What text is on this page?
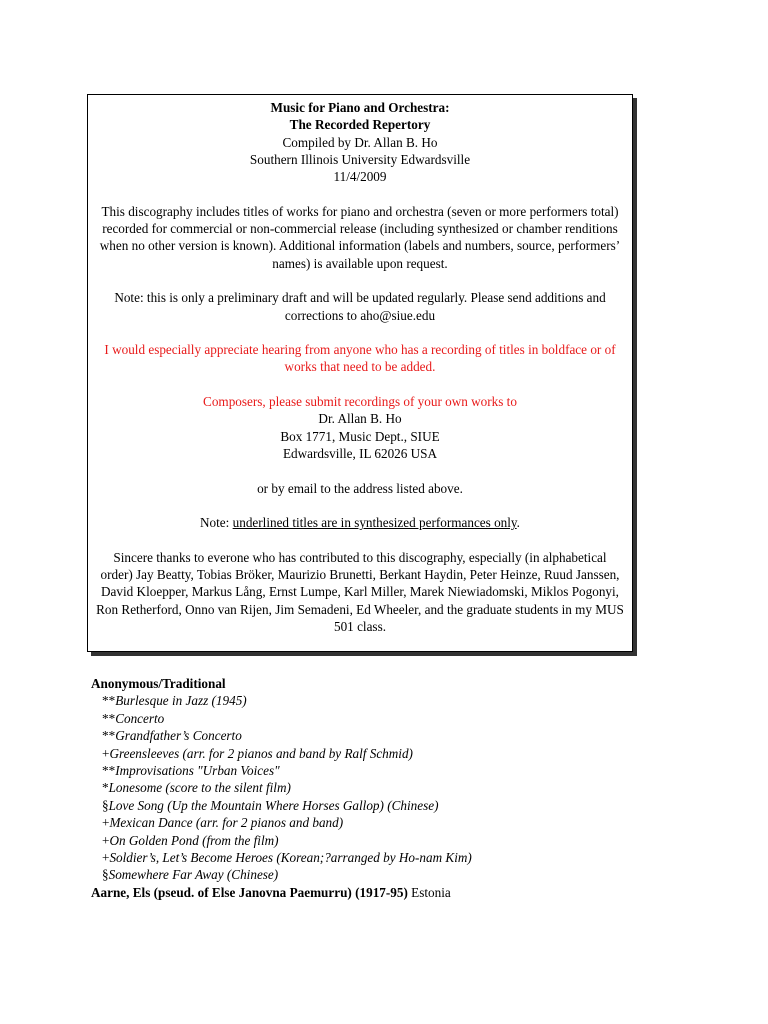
Music for Piano and Orchestra:

The Recorded Repertory

Compiled by Dr. Allan B. Ho

Southern Illinois University Edwardsville

11/4/2009

This discography includes titles of works for piano and orchestra (seven or more performers total) recorded for commercial or non-commercial release (including synthesized or chamber renditions when no other version is known). Additional information (labels and numbers, source, performers’ names) is available upon request.

Note: this is only a preliminary draft and will be updated regularly. Please send additions and corrections to aho@siue.edu

I would especially appreciate hearing from anyone who has a recording of titles in boldface or of works that need to be added.

Composers, please submit recordings of your own works to

Dr. Allan B. Ho

Box 1771, Music Dept., SIUE

Edwardsville, IL 62026 USA

or by email to the address listed above.

Note: underlined titles are in synthesized performances only.

Sincere thanks to everone who has contributed to this discography, especially (in alphabetical order) Jay Beatty, Tobias Bröker, Maurizio Brunetti, Berkant Haydin, Peter Heinze, Ruud Janssen, David Kloepper, Markus Lång, Ernst Lumpe, Karl Miller, Marek Niewiadomski, Miklos Pogonyi, Ron Retherford, Onno van Rijen, Jim Semadeni, Ed Wheeler, and the graduate students in my MUS 501 class.

Anonymous/Traditional

**Burlesque in Jazz (1945)

**Concerto

**Grandfather’s Concerto

+Greensleeves (arr. for 2 pianos and band by Ralf Schmid)

**Improvisations "Urban Voices"

*Lonesome (score to the silent film)

§Love Song (Up the Mountain Where Horses Gallop) (Chinese)

+Mexican Dance (arr. for 2 pianos and band)

+On Golden Pond (from the film)

+Soldier’s, Let’s Become Heroes (Korean;?arranged by Ho-nam Kim)

§Somewhere Far Away (Chinese)

Aarne, Els (pseud. of Else Janovna Paemurru) (1917-95) Estonia
